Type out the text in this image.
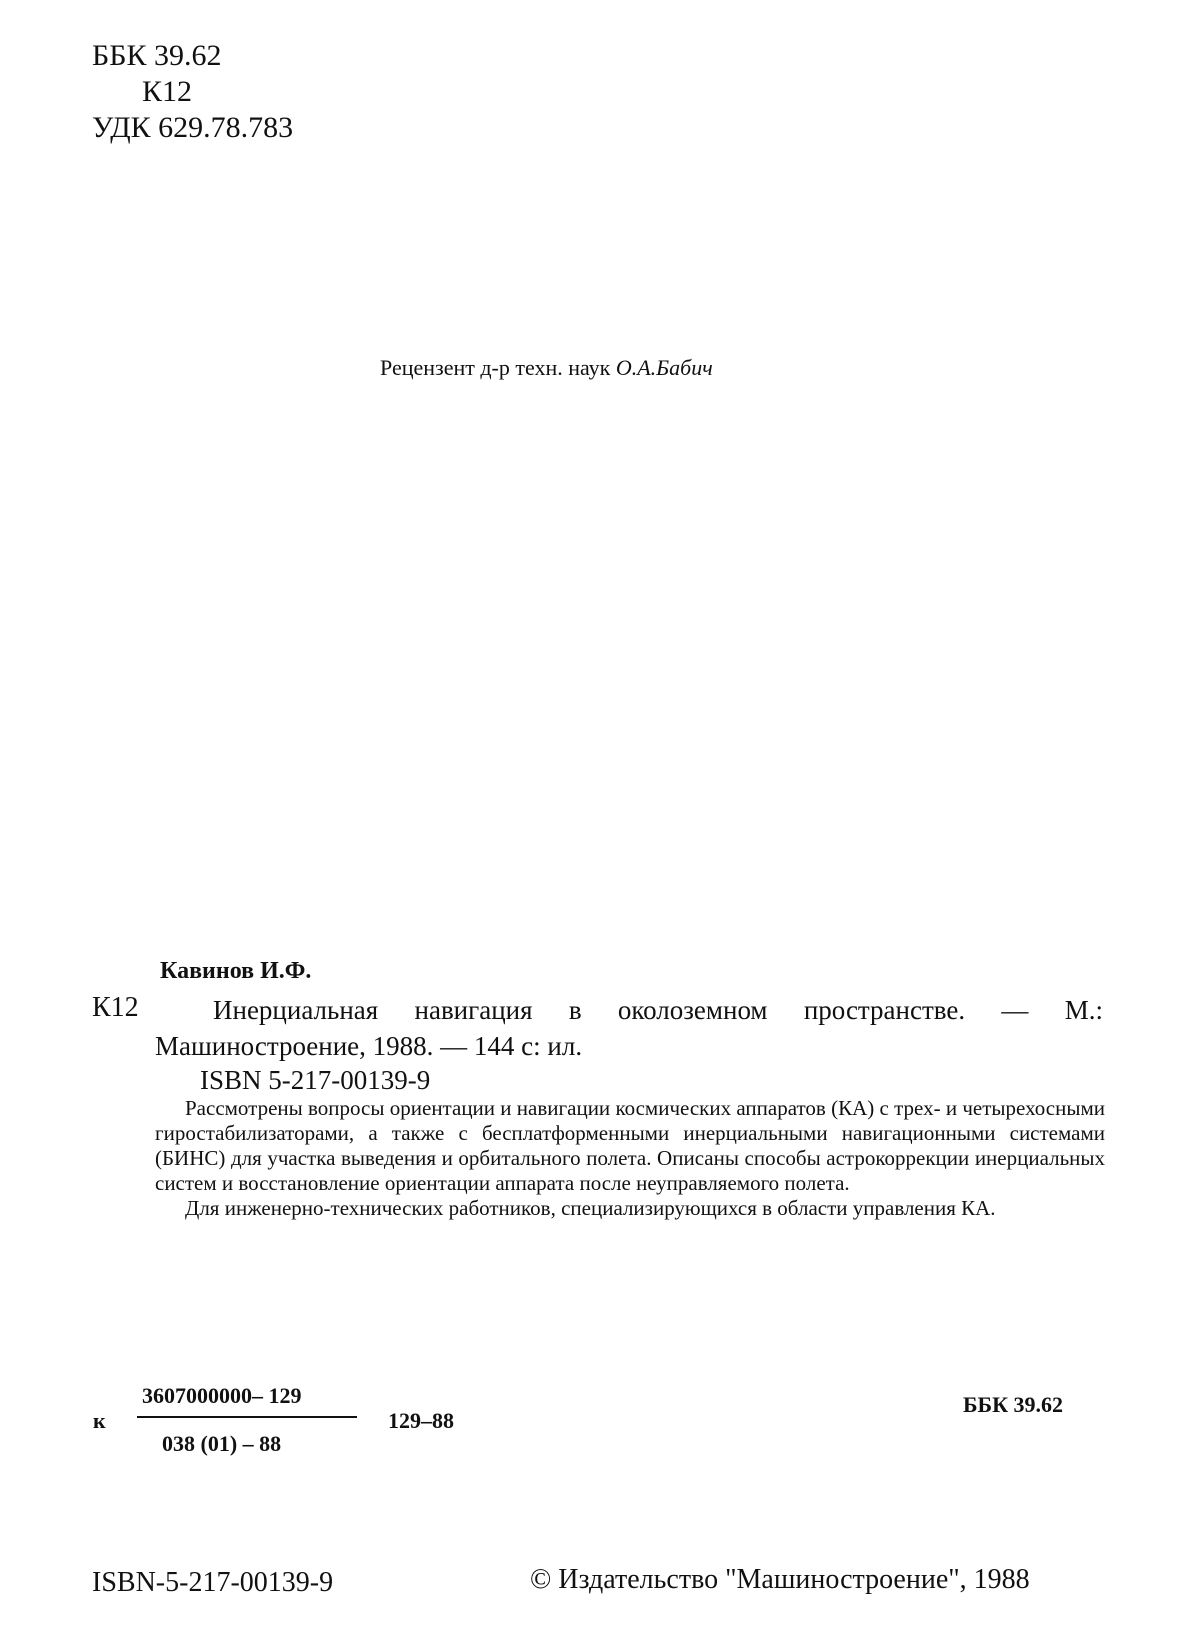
ББК 39.62
К12
УДК 629.78.783
Рецензент д-р техн. наук О.А.Бабич
Кавинов И.Ф.
К12	Инерциальная навигация в околоземном пространстве. — М.:
Машиностроение, 1988. — 144 с: ил.
ISBN 5-217-00139-9

Рассмотрены вопросы ориентации и навигации космических аппаратов (КА) с трех- и четырехосными гиростабилизаторами, а также с бесплатформенными инерциальными навигационными системами (БИНС) для участка выведения и орбитального полета. Описаны способы астрокоррекции инерциальных систем и восстановление ориентации аппарата после неуправляемого полета.

Для инженерно-технических работников, специализирующихся в области управления КА.

к
3607000000– 129
038 (01) – 88
129–88
ББК 39.62
ISBN-5-217-00139-9	© Издательство "Машиностроение", 1988
